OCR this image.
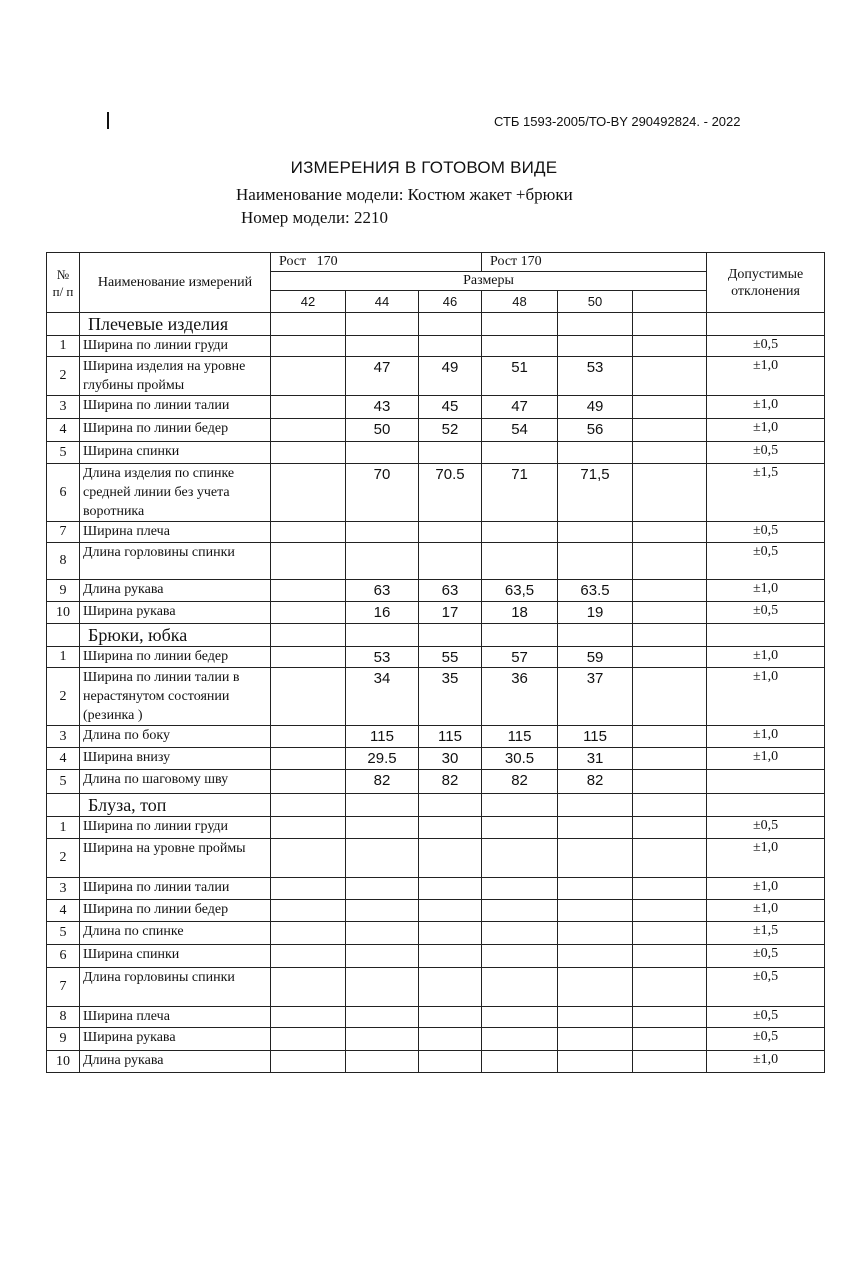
СТБ 1593-2005/ТО-BY 290492824. - 2022
ИЗМЕРЕНИЯ В ГОТОВОМ ВИДЕ
Наименование модели: Костюм жакет +брюки
Номер модели: 2210
№ п/ п	Наименование измерений	Рост   170			Рост 170			Допустимые отклонения
		Размеры						
		42	44	46	48	50		
	Плечевые изделия							
1	Ширина по линии груди							±0,5
2	Ширина изделия на уровне глубины проймы		47	49	51	53		±1,0
3	Ширина по линии талии		43	45	47	49		±1,0
4	Ширина по линии бедер		50	52	54	56		±1,0
5	Ширина спинки							±0,5
6	Длина изделия по спинке средней линии без учета воротника		70	70.5	71	71,5		±1,5
7	Ширина плеча							±0,5
8	Длина горловины спинки							±0,5
9	Длина рукава		63	63	63,5	63.5		±1,0
10	Ширина рукава		16	17	18	19		±0,5
	Брюки, юбка							
1	Ширина по линии бедер		53	55	57	59		±1,0
2	Ширина по линии талии в нерастянутом состоянии (резинка )		34	35	36	37		±1,0
3	Длина по боку		115	115	115	115		±1,0
4	Ширина внизу		29.5	30	30.5	31		±1,0
5	Длина по шаговому шву		82	82	82	82		
	Блуза, топ							
1	Ширина по линии груди							±0,5
2	Ширина на уровне проймы							±1,0
3	Ширина по линии талии							±1,0
4	Ширина по линии бедер							±1,0
5	Длина по спинке							±1,5
6	Ширина спинки							±0,5
7	Длина горловины спинки							±0,5
8	Ширина плеча							±0,5
9	Ширина рукава							±0,5
10	Длина рукава							±1,0
